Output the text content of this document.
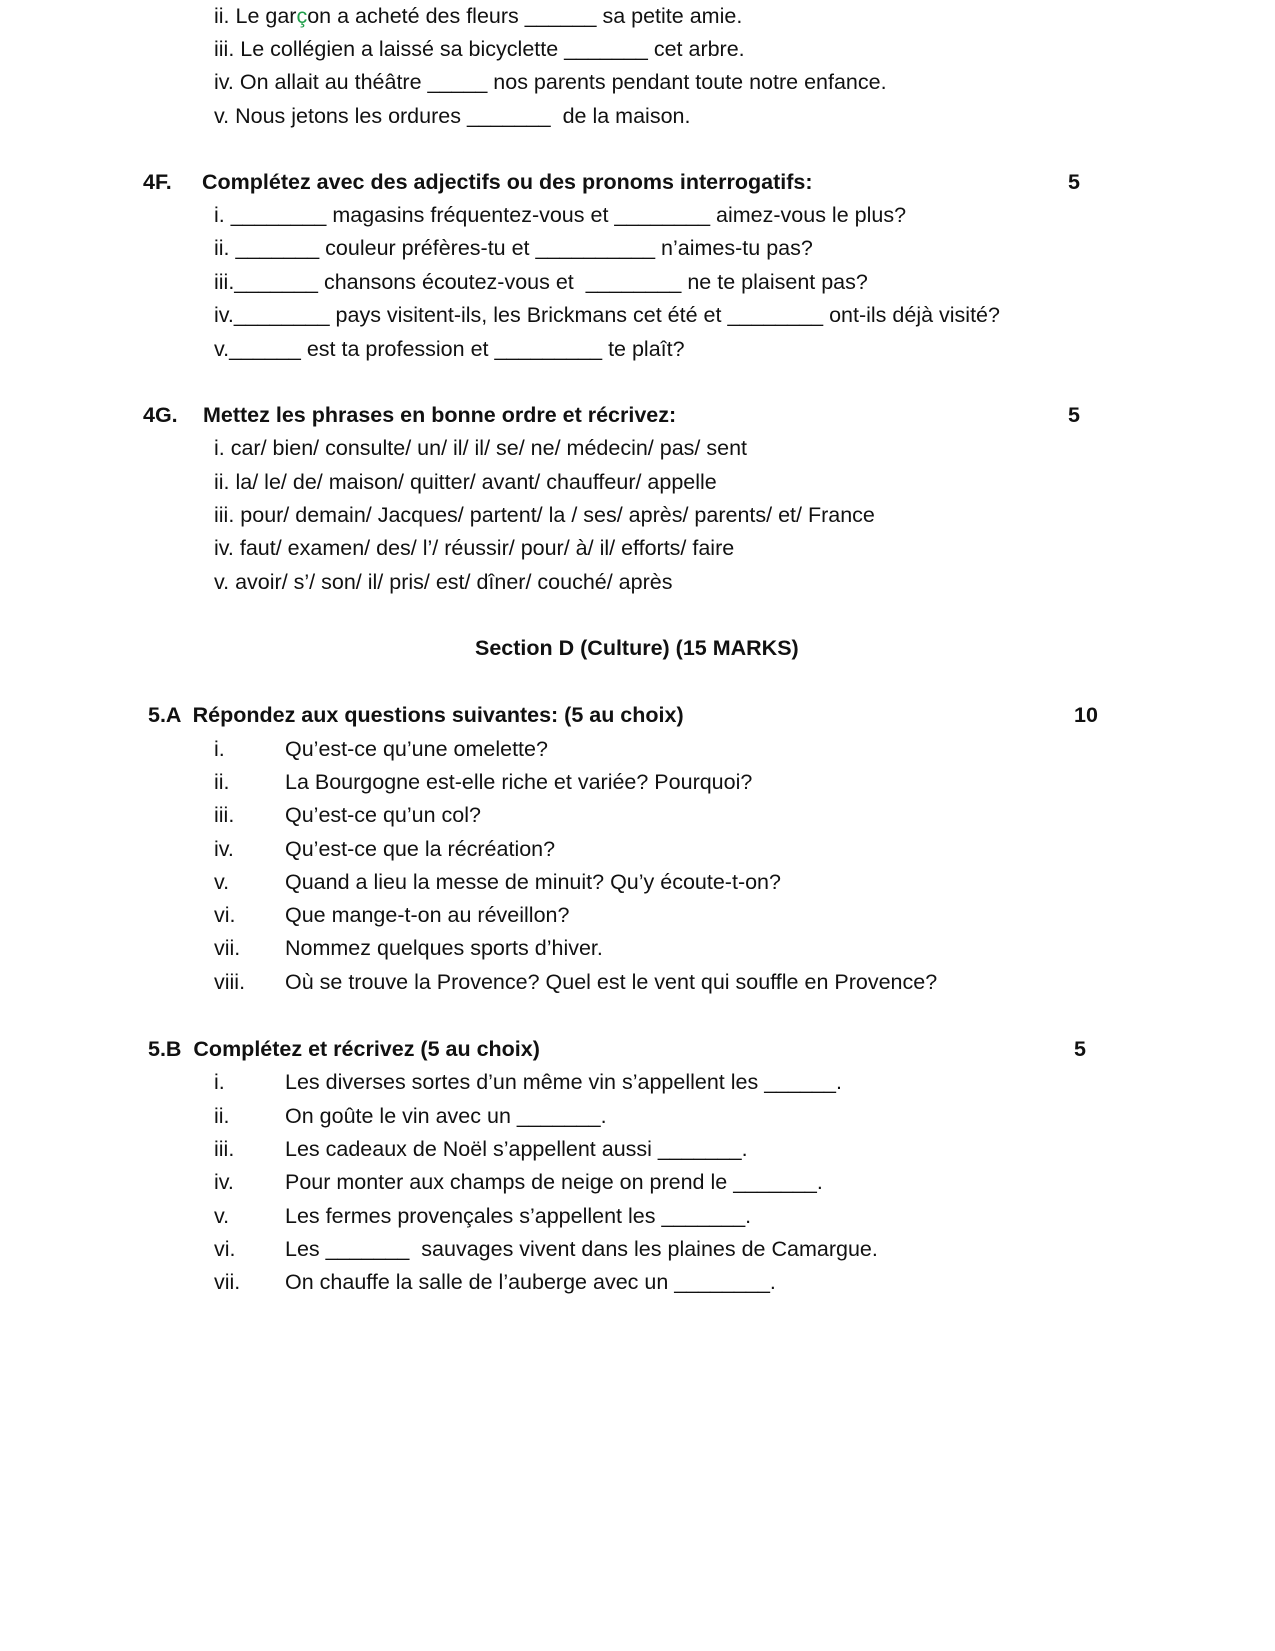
ii. Le garçon a acheté des fleurs ______ sa petite amie.
iii. Le collégien a laissé sa bicyclette _______ cet arbre.
iv. On allait au théâtre _____ nos parents pendant toute notre enfance.
v. Nous jetons les ordures _______  de la maison.
4F. Complétez avec des adjectifs ou des pronoms interrogatifs:	5
i. ________ magasins fréquentez-vous et ________ aimez-vous le plus?
ii. _______ couleur préfères-tu et __________ n’aimes-tu pas?
iii._______ chansons écoutez-vous et  ________ ne te plaisent pas?
iv.________ pays visitent-ils, les Brickmans cet été et ________ ont-ils déjà visité?
v.______ est ta profession et _________ te plaît?
4G. Mettez les phrases en bonne ordre et récrivez:	5
i. car/ bien/ consulte/ un/ il/ il/ se/ ne/ médecin/ pas/ sent
ii. la/ le/ de/ maison/ quitter/ avant/ chauffeur/ appelle
iii. pour/ demain/ Jacques/ partent/ la / ses/ après/ parents/ et/ France
iv. faut/ examen/ des/ l’/ réussir/ pour/ à/ il/ efforts/ faire
v. avoir/ s’/ son/ il/ pris/ est/ dîner/ couché/ après
Section D (Culture) (15 MARKS)
5.A  Répondez aux questions suivantes: (5 au choix)	10
i.	Qu’est-ce qu’une omelette?
ii.	La Bourgogne est-elle riche et variée? Pourquoi?
iii. Qu’est-ce qu’un col?
iv. Qu’est-ce que la récréation?
v.	Quand a lieu la messe de minuit? Qu’y écoute-t-on?
vi. Que mange-t-on au réveillon?
vii. Nommez quelques sports d’hiver.
viii. Où se trouve la Provence? Quel est le vent qui souffle en Provence?
5.B  Complétez et récrivez (5 au choix)	5
i.	Les diverses sortes d’un même vin s’appellent les ______.
ii.	On goûte le vin avec un _______.
iii. Les cadeaux de Noël s’appellent aussi _______.
iv. Pour monter aux champs de neige on prend le _______.
v.	Les fermes provençales s’appellent les _______.
vi. Les _______  sauvages vivent dans les plaines de Camargue.
vii. On chauffe la salle de l’auberge avec un ________.
